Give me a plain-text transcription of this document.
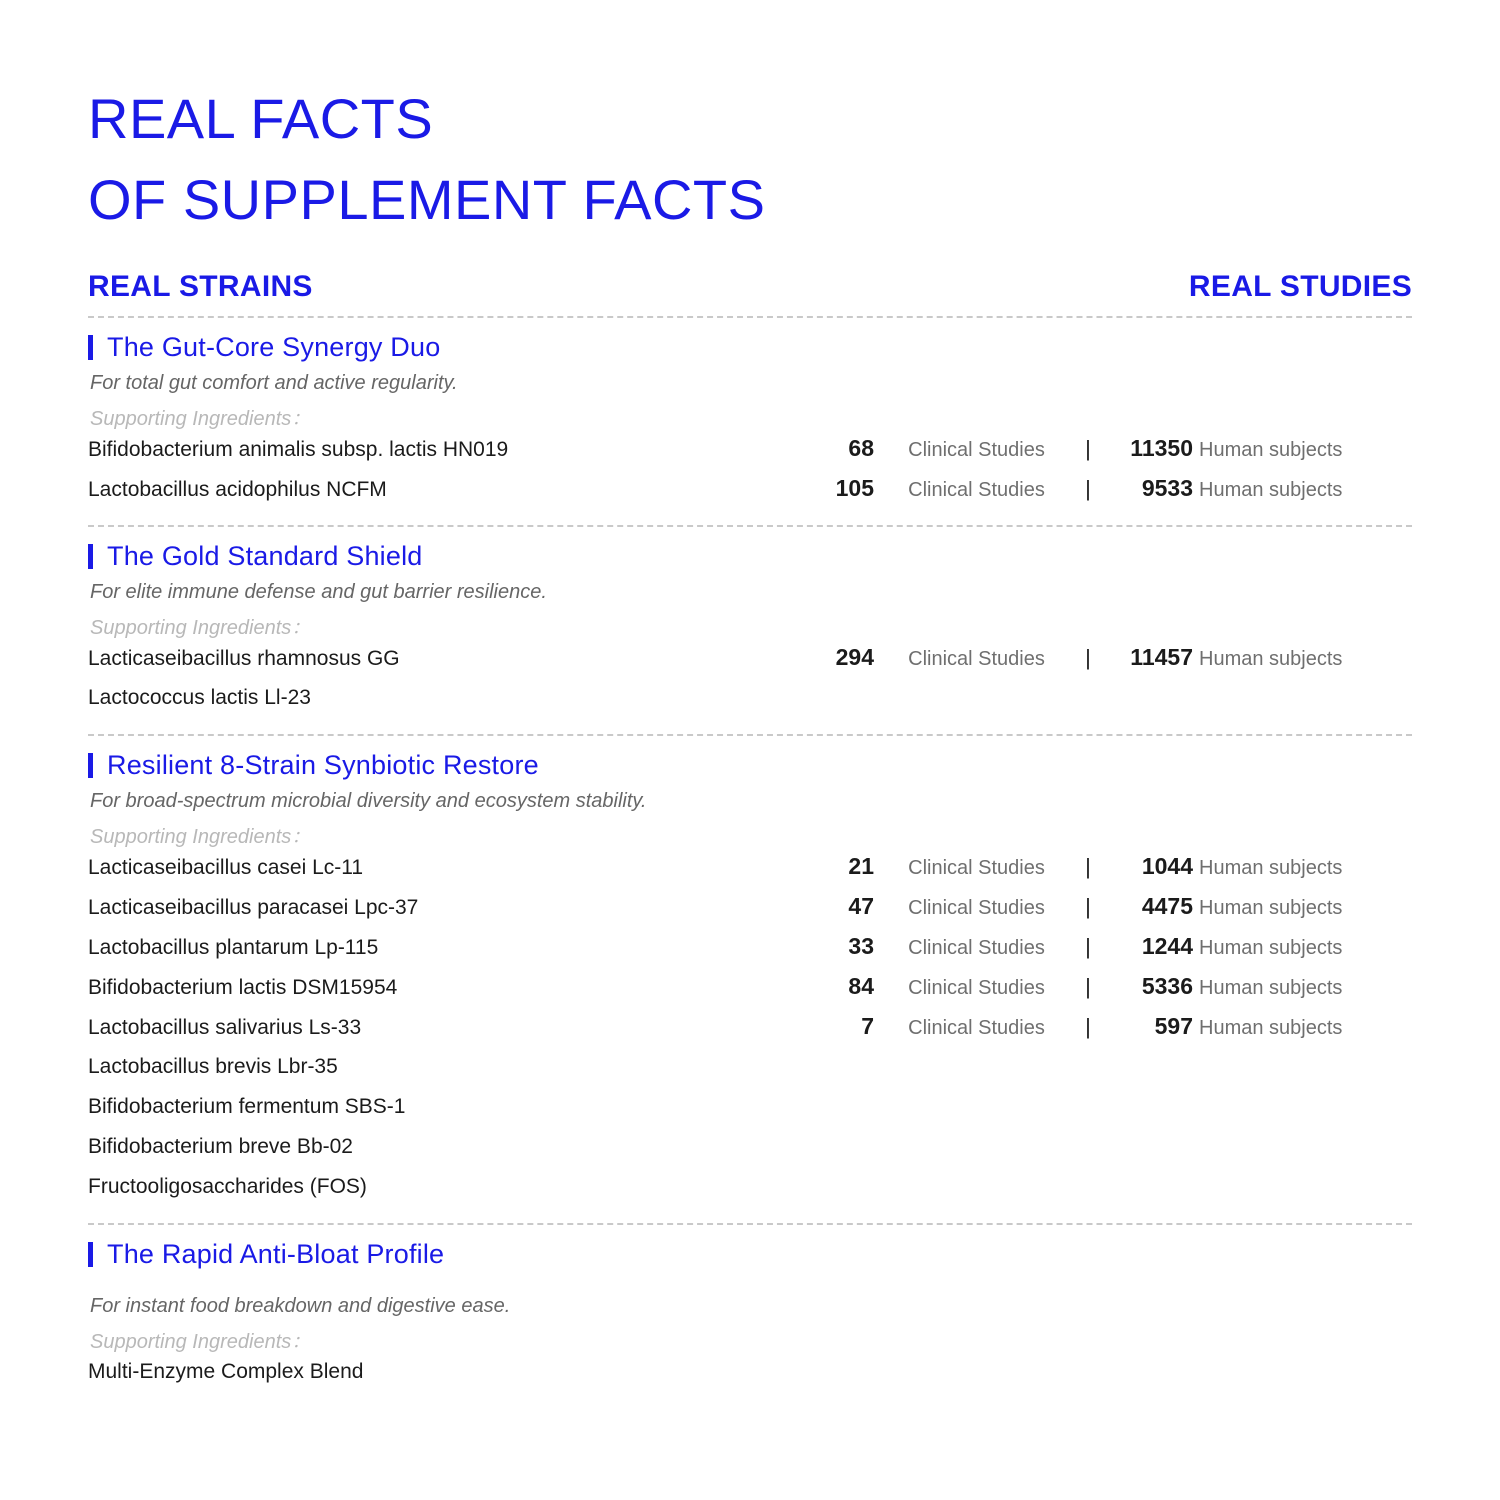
REAL FACTS
OF SUPPLEMENT FACTS
REAL STRAINS	REAL STUDIES
The Gut-Core Synergy Duo
For total gut comfort and active regularity.
Supporting Ingredients：
Bifidobacterium animalis subsp. lactis HN019	68	Clinical Studies	|	11350 Human subjects
Lactobacillus acidophilus NCFM	105	Clinical Studies	|	9533 Human subjects
The Gold Standard Shield
For elite immune defense and gut barrier resilience.
Supporting Ingredients：
Lacticaseibacillus rhamnosus GG	294	Clinical Studies	|	11457 Human subjects
Lactococcus lactis Ll-23
Resilient 8-Strain Synbiotic Restore
For broad-spectrum microbial diversity and ecosystem stability.
Supporting Ingredients：
Lacticaseibacillus casei Lc-11	21	Clinical Studies	|	1044 Human subjects
Lacticaseibacillus paracasei Lpc-37	47	Clinical Studies	|	4475 Human subjects
Lactobacillus plantarum Lp-115	33	Clinical Studies	|	1244 Human subjects
Bifidobacterium lactis DSM15954	84	Clinical Studies	|	5336 Human subjects
Lactobacillus salivarius Ls-33	7	Clinical Studies	|	597 Human subjects
Lactobacillus brevis Lbr-35
Bifidobacterium fermentum SBS-1
Bifidobacterium breve Bb-02
Fructooligosaccharides (FOS)
The Rapid Anti-Bloat Profile
For instant food breakdown and digestive ease.
Supporting Ingredients：
Multi-Enzyme Complex Blend
